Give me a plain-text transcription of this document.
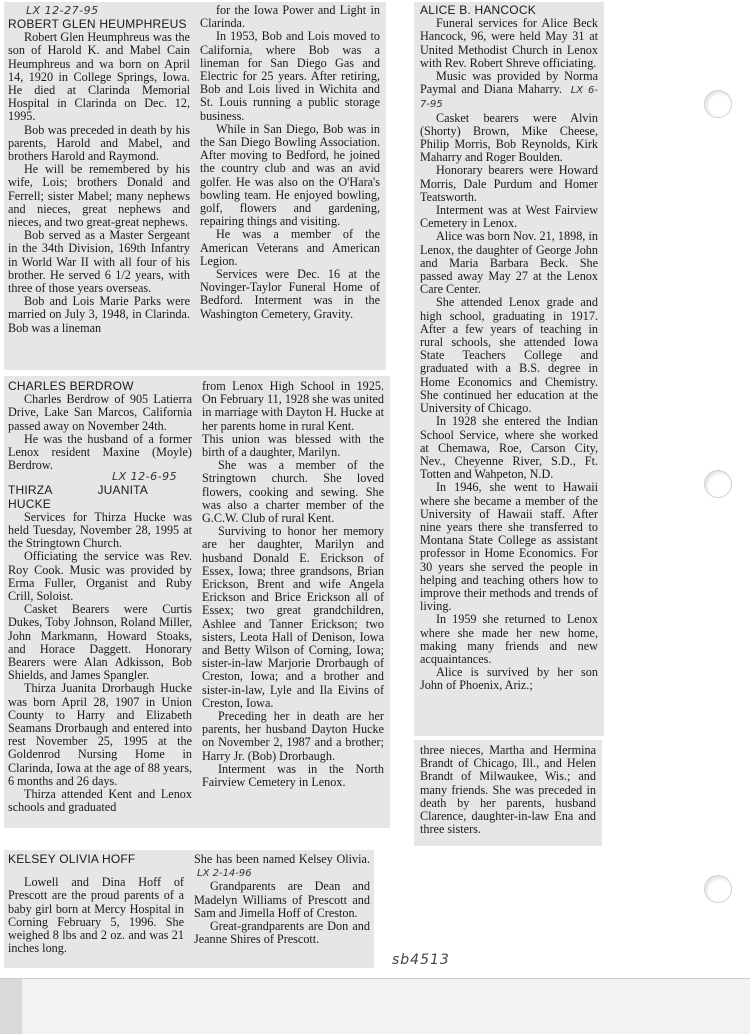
LX 12-27-95

ROBERT GLEN HEUMPHREUS

Robert Glen Heumphreus was the son of Harold K. and Mabel Cain Heumphreus and wa born on April 14, 1920 in College Springs, Iowa. He died at Clarinda Memorial Hospital in Clarinda on Dec. 12, 1995.

Bob was preceded in death by his parents, Harold and Mabel, and brothers Harold and Raymond.

He will be remembered by his wife, Lois; brothers Donald and Ferrell; sister Mabel; many nephews and nieces, great nephews and nieces, and two great-great nephews.

Bob served as a Master Sergeant in the 34th Division, 169th Infantry in World War II with all four of his brother. He served 6 1/2 years, with three of those years overseas.

Bob and Lois Marie Parks were married on July 3, 1948, in Clarinda. Bob was a lineman

for the Iowa Power and Light in Clarinda.

In 1953, Bob and Lois moved to California, where Bob was a lineman for San Diego Gas and Electric for 25 years. After retiring, Bob and Lois lived in Wichita and St. Louis running a public storage business.

While in San Diego, Bob was in the San Diego Bowling Association. After moving to Bedford, he joined the country club and was an avid golfer. He was also on the O'Hara's bowling team. He enjoyed bowling, golf, flowers and gardening, repairing things and visiting.

He was a member of the American Veterans and American Legion.

Services were Dec. 16 at the Novinger-Taylor Funeral Home of Bedford. Interment was in the Washington Cemetery, Gravity.

CHARLES BERDROW

Charles Berdrow of 905 Latierra Drive, Lake San Marcos, California passed away on November 24th.

He was the husband of a former Lenox resident Maxine (Moyle) Berdrow.

LX 12-6-95

THIRZA JUANITA HUCKE

Services for Thirza Hucke was held Tuesday, November 28, 1995 at the Stringtown Church.

Officiating the service was Rev. Roy Cook. Music was provided by Erma Fuller, Organist and Ruby Crill, Soloist.

Casket Bearers were Curtis Dukes, Toby Johnson, Roland Miller, John Markmann, Howard Stoaks, and Horace Daggett. Honorary Bearers were Alan Adkisson, Bob Shields, and James Spangler.

Thirza Juanita Drorbaugh Hucke was born April 28, 1907 in Union County to Harry and Elizabeth Seamans Drorbaugh and entered into rest November 25, 1995 at the Goldenrod Nursing Home in Clarinda, Iowa at the age of 88 years, 6 months and 26 days.

Thirza attended Kent and Lenox schools and graduated

from Lenox High School in 1925. On February 11, 1928 she was united in marriage with Dayton H. Hucke at her parents home in rural Kent.

This union was blessed with the birth of a daughter, Marilyn.

She was a member of the Stringtown church. She loved flowers, cooking and sewing. She was also a charter member of the G.C.W. Club of rural Kent.

Surviving to honor her memory are her daughter, Marilyn and husband Donald E. Erickson of Essex, Iowa; three grandsons, Brian Erickson, Brent and wife Angela Erickson and Brice Erickson all of Essex; two great grandchildren, Ashlee and Tanner Erickson; two sisters, Leota Hall of Denison, Iowa and Betty Wilson of Corning, Iowa; sister-in-law Marjorie Drorbaugh of Creston, Iowa; and a brother and sister-in-law, Lyle and Ila Eivins of Creston, Iowa.

Preceding her in death are her parents, her husband Dayton Hucke on November 2, 1987 and a brother; Harry Jr. (Bob) Drorbaugh.

Interment was in the North Fairview Cemetery in Lenox.

ALICE B. HANCOCK

Funeral services for Alice Beck Hancock, 96, were held May 31 at United Methodist Church in Lenox with Rev. Robert Shreve officiating.

Music was provided by Norma Paymal and Diana Maharry. LX 6-7-95

Casket bearers were Alvin (Shorty) Brown, Mike Cheese, Philip Morris, Bob Reynolds, Kirk Maharry and Roger Boulden.

Honorary bearers were Howard Morris, Dale Purdum and Homer Teatsworth.

Interment was at West Fairview Cemetery in Lenox.

Alice was born Nov. 21, 1898, in Lenox, the daughter of George John and Maria Barbara Beck. She passed away May 27 at the Lenox Care Center.

She attended Lenox grade and high school, graduating in 1917. After a few years of teaching in rural schools, she attended Iowa State Teachers College and graduated with a B.S. degree in Home Economics and Chemistry. She continued her education at the University of Chicago.

In 1928 she entered the Indian School Service, where she worked at Chemawa, Roe, Carson City, Nev., Cheyenne River, S.D., Ft. Totten and Wahpeton, N.D.

In 1946, she went to Hawaii where she became a member of the University of Hawaii staff. After nine years there she transferred to Montana State College as assistant professor in Home Economics. For 30 years she served the people in helping and teaching others how to improve their methods and trends of living.

In 1959 she returned to Lenox where she made her new home, making many friends and new acquaintances.

Alice is survived by her son John of Phoenix, Ariz.;

three nieces, Martha and Hermina Brandt of Chicago, Ill., and Helen Brandt of Milwaukee, Wis.; and many friends. She was preceded in death by her parents, husband Clarence, daughter-in-law Ena and three sisters.

KELSEY OLIVIA HOFF

Lowell and Dina Hoff of Prescott are the proud parents of a baby girl born at Mercy Hospital in Corning February 5, 1996. She weighed 8 lbs and 2 oz. and was 21 inches long.

She has been named Kelsey Olivia. LX 2-14-96

Grandparents are Dean and Madelyn Williams of Prescott and Sam and Jimella Hoff of Creston.

Great-grandparents are Don and Jeanne Shires of Prescott.

sb4513
